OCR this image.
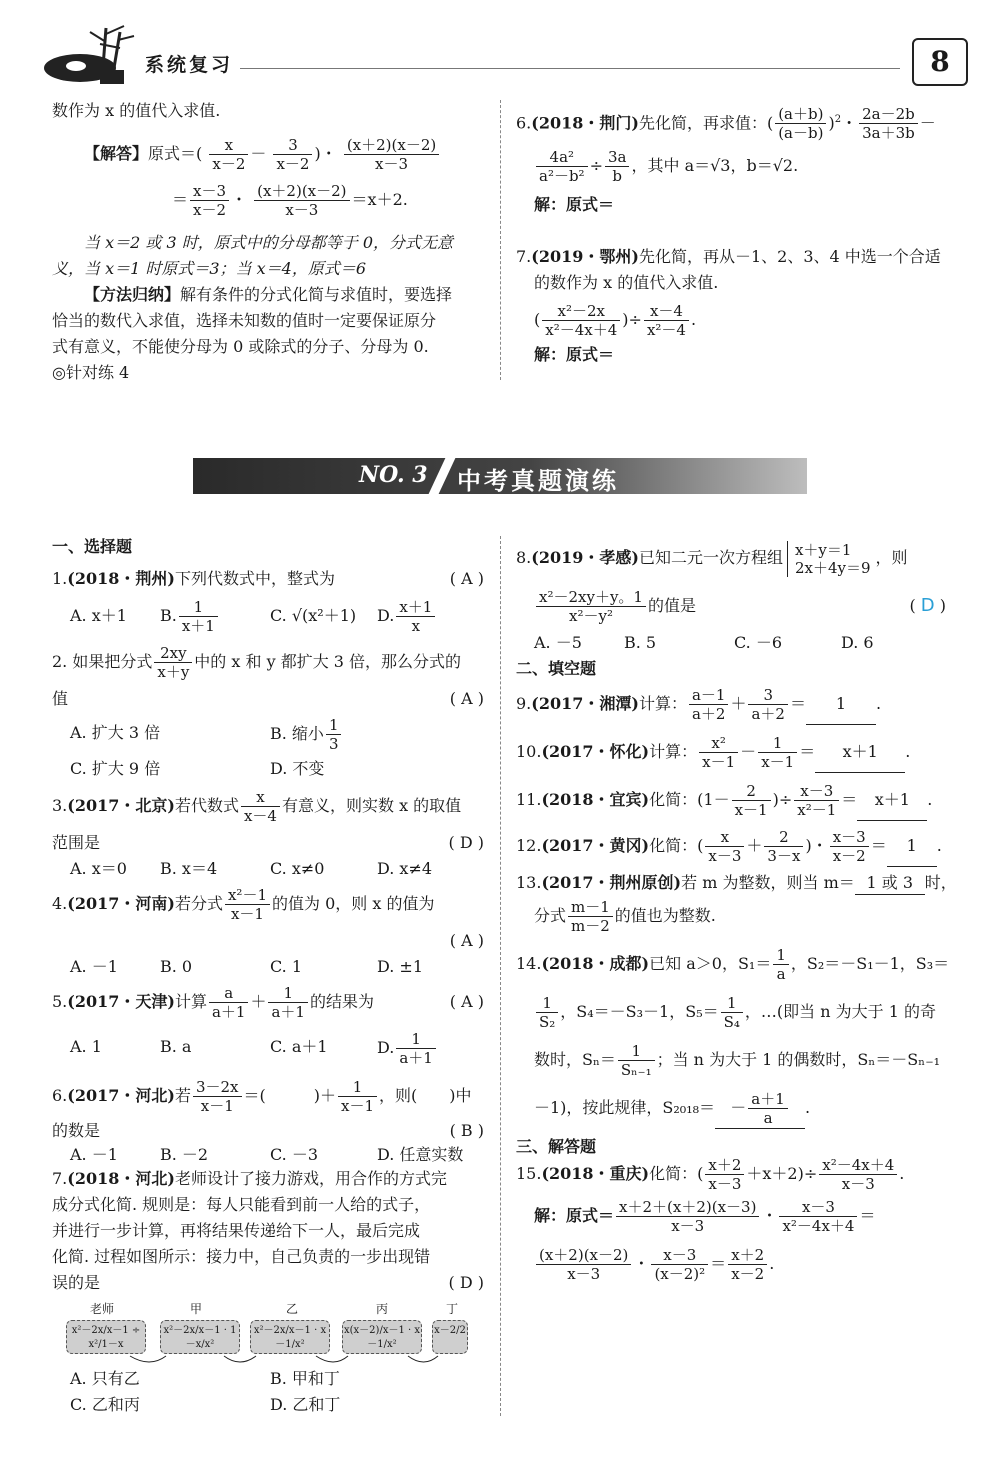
系统复习	8
数作为 x 的值代入求值.
【解答】原式＝( $\frac{x}{x-2} - \frac{3}{x-2}$ )・ $\frac{(x+2)(x-2)}{x-3}$
＝ $\frac{x-3}{x-2}$ ・ $\frac{(x+2)(x-2)}{x-3} =x+2$.
当 x＝2 或 3 时，原式中的分母都等于 0，分式无意
义，当 x＝1 时原式＝3；当 x＝4，原式＝6
【方法归纳】解有条件的分式化简与求值时，要选择
恰当的数代入求值，选择未知数的值时一定要保证原分
式有意义，不能使分母为 0 或除式的分子、分母为 0.
◎针对练 4
6.(2018・荆门)先化简，再求值：( $\frac{(a+b)}{(a-b)} )^2$・ $\frac{2a-2b}{3a+3b}$ －
$\frac{\text{4a²}}{\text{a²－b²}} \div \frac{3a}{b}$ ，其中 a＝√3，b＝√2.
解：原式＝
7.(2019・鄂州)先化简，再从－1、2、3、4 中选一个合适
的数作为 x 的值代入求值.
( $\frac{\text{x²－2x}}{\text{x²－4x＋4}}$ )÷ $\frac{x-4}{\text{x²－4}}$ .
解：原式＝
NO. 3 中考真题演练
一、选择题
1.(2018・荆州)下列代数式中，整式为	( A )
A. x＋1 B. $\frac{1}{x+1}$	C. √(x²＋1) D. $\frac{x+1}{x}$
2. 如果把分式 $\frac{2xy}{x+y}$ 中的 x 和 y 都扩大 3 倍，那么分式的
值	( A )
A. 扩大 3 倍	B. 缩小 $\frac{1}{3}$
C. 扩大 9 倍	D. 不变
3.(2017・北京)若代数式 $\frac{x}{x-4}$ 有意义，则实数 x 的取值
范围是	( D )
A. x＝0 B. x＝4	C. x≠0	D. x≠4
4.(2017・河南)若分式 $\frac{\text{x²－1}}{x-1}$ 的值为 0，则 x 的值为
( A )
A. －1	B. 0	C. 1	D. ±1
5.(2017・天津)计算 $\frac{a}{a+1} + \frac{1}{a+1}$ 的结果为	( A )
A. 1	B. a	C. a＋1	D. $\frac{1}{a+1}$
6.(2017・河北)若 $\frac{3-2x}{x-1}$ ＝(　　　)＋ $\frac{1}{x-1}$ ，则(　　)中
的数是	( B )
A. －1	B. －2	C. －3	D. 任意实数
7.(2018・河北)老师设计了接力游戏，用合作的方式完
成分式化简. 规则是：每人只能看到前一人给的式子，
并进行一步计算，再将结果传递给下一人，最后完成
化简. 过程如图所示：接力中，自己负责的一步出现错
误的是	( D )
A. 只有乙	B. 甲和丁
C. 乙和丙	D. 乙和丁
老师
x²－2x/x－1 ÷ x²/1－x
甲
x²－2x/x－1 · 1－x/x²
乙
x²－2x/x－1 · x－1/x²
丙
x(x－2)/x－1 · x－1/x²
丁
x－2/2
8.(2019・孝感)已知二元一次方程组 x＋y＝1
2x＋4y＝9
，则
$\frac{\text{x²－2xy＋y。1}}{\text{x²－y²}}$ 的值是	( D )
A. －5	B. 5	C. －6	D. 6
二、填空题
9.(2017・湘潭)计算： $\frac{a-1}{a+2} + \frac{3}{a+2} = 1$ .
10.(2017・怀化)计算： $\frac{\text{x²}}{x-1} - \frac{1}{x-1} = x+1$ .
11.(2018・宜宾)化简：($1- \frac{2}{x-1}$ )÷ $\frac{x-3}{\text{x²－1}} = x+1$ .
12.(2017・黄冈)化简：( $\frac{x}{x-3} + \frac{2}{3-x}$ )・ $\frac{x-3}{x-2} = 1$ .
13.(2017・荆州原创)若 m 为整数，则当 m＝ 1 或 3 时，
分式 $\frac{m-1}{m-2}$ 的值也为整数.
14.(2018・成都)已知 a＞0，$S_1= \frac{1}{a}$ ，S₂＝－S₁－1，S₃＝
$\frac{1}{\text{S₂}}$ ，S₄＝－S₃－1，$S_5= \frac{1}{\text{S₄}}$ ，…(即当 n 为大于 1 的奇
数时，$S_n= \frac{1}{\text{Sₙ₋₁}}$ ；当 n 为大于 1 的偶数时，Sₙ＝－Sₙ₋₁
－1)，按此规律，$S_{2018}= - \frac{a+1}{a}$ .
三、解答题
15.(2018・重庆)化简：( $\frac{x+2}{x-3} +x+2)\div \frac{\text{x²－4x＋4}}{x-3}$ .
解：原式＝ $\frac{x+2+(x+2)(x-3)}{x-3}$ ・ $\frac{x-3}{\text{x²－4x＋4}}$ ＝
$\frac{(x+2)(x-2)}{x-3}$ ・ $\frac{x-3}{\text{(x－2)²}} = \frac{x+2}{x-2}$ .
